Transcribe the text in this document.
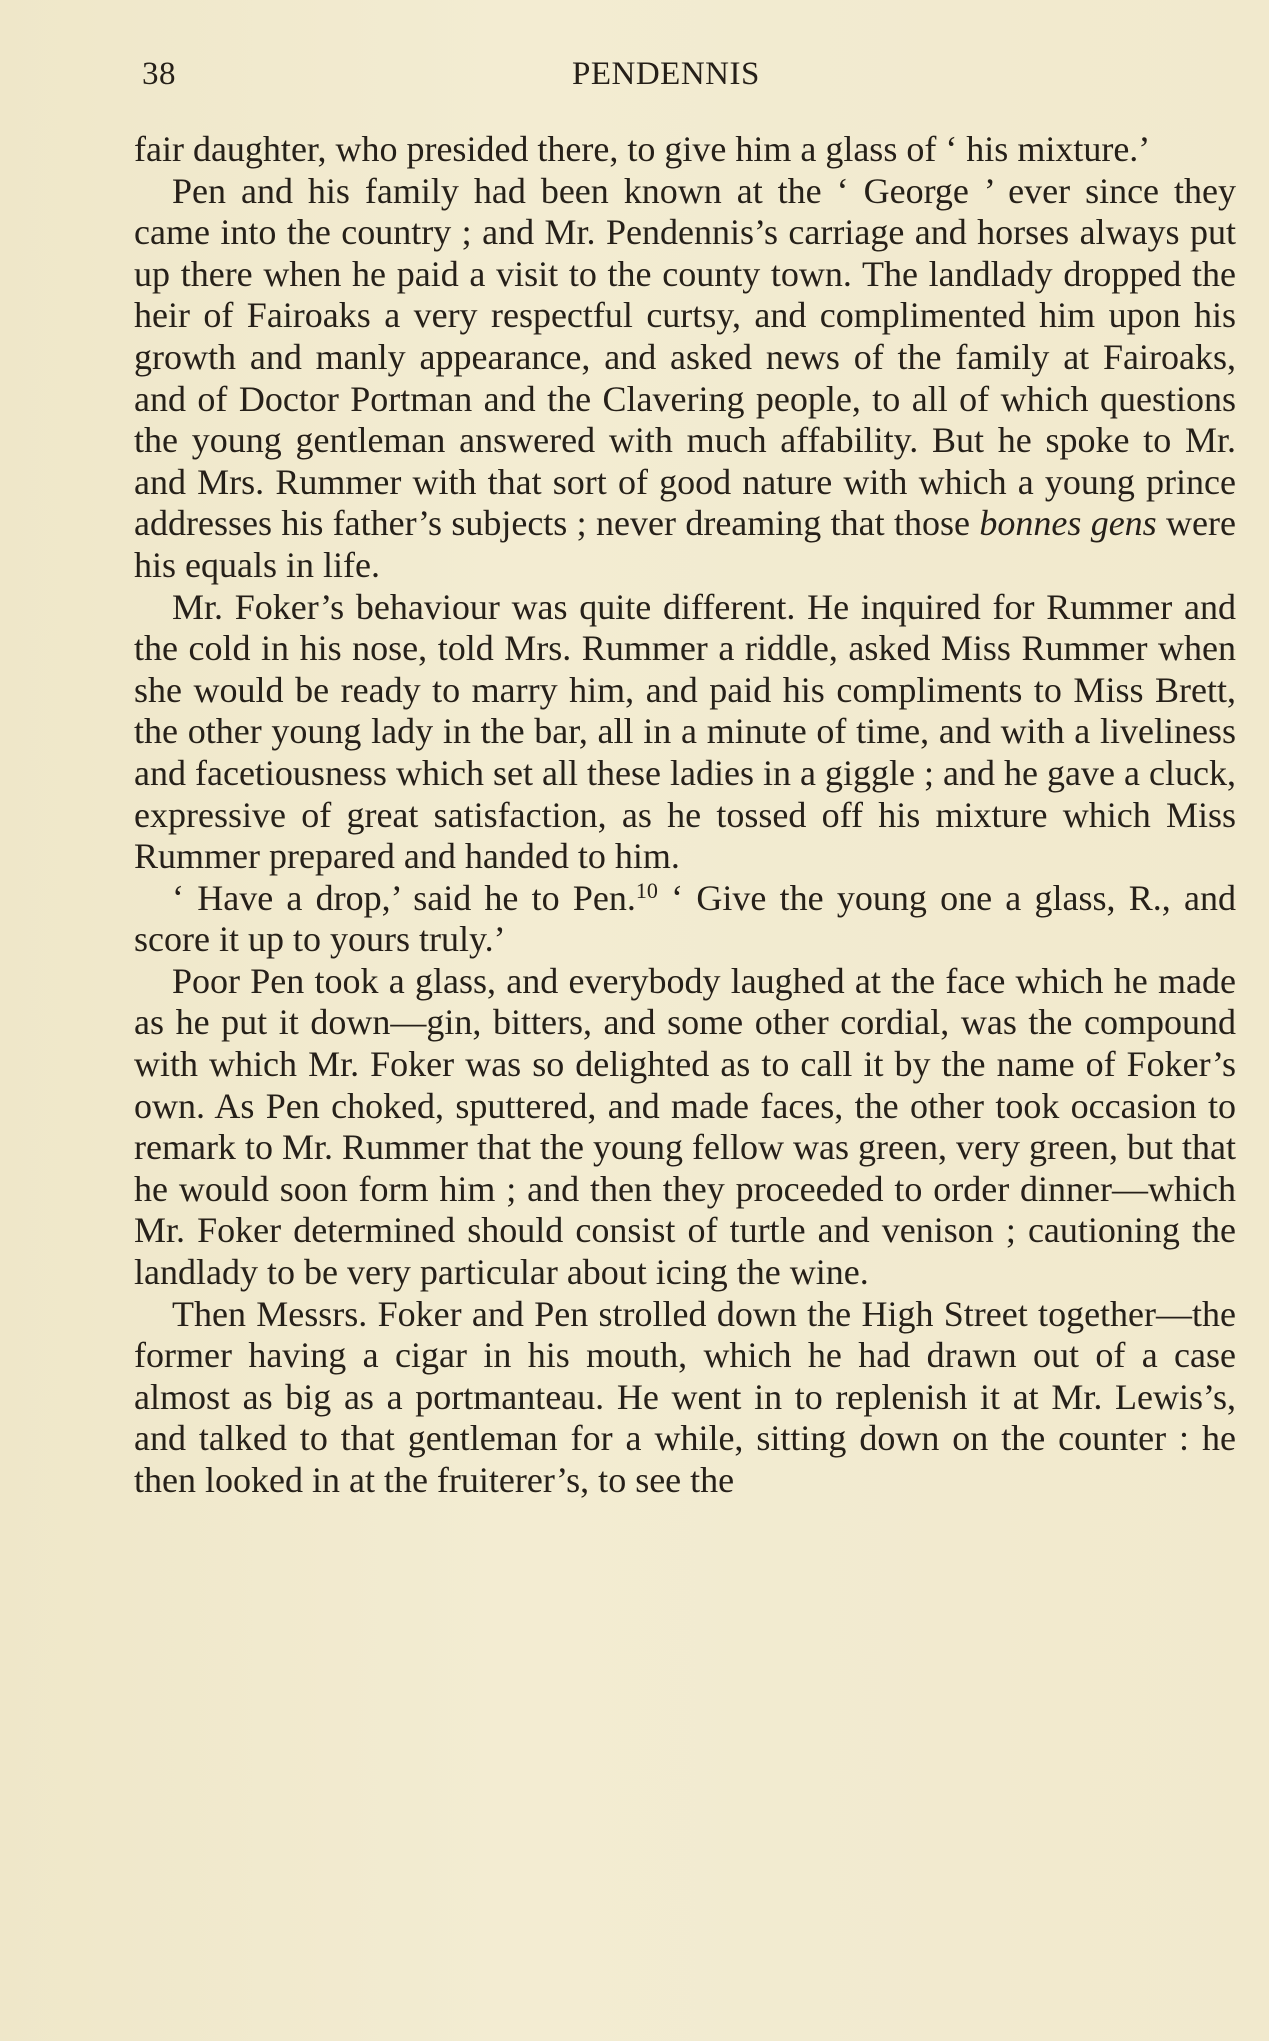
38	PENDENNIS

fair daughter, who presided there, to give him a glass of ‘ his mixture.’

Pen and his family had been known at the ‘ George ’ ever since they came into the country ; and Mr. Pendennis’s carriage and horses always put up there when he paid a visit to the county town. The landlady dropped the heir of Fairoaks a very respectful curtsy, and complimented him upon his growth and manly appearance, and asked news of the family at Fairoaks, and of Doctor Portman and the Clavering people, to all of which questions the young gentleman answered with much affability. But he spoke to Mr. and Mrs. Rummer with that sort of good nature with which a young prince addresses his father’s subjects ; never dreaming that those bonnes gens were his equals in life.

Mr. Foker’s behaviour was quite different. He inquired for Rummer and the cold in his nose, told Mrs. Rummer a riddle, asked Miss Rummer when she would be ready to marry him, and paid his compliments to Miss Brett, the other young lady in the bar, all in a minute of time, and with a liveliness and facetiousness which set all these ladies in a giggle ; and he gave a cluck, expressive of great satisfaction, as he tossed off his mixture which Miss Rummer prepared and handed to him.

‘ Have a drop,’ said he to Pen.$^{10}$ ‘ Give the young one a glass, R., and score it up to yours truly.’

Poor Pen took a glass, and everybody laughed at the face which he made as he put it down—gin, bitters, and some other cordial, was the compound with which Mr. Foker was so delighted as to call it by the name of Foker’s own. As Pen choked, sputtered, and made faces, the other took occasion to remark to Mr. Rummer that the young fellow was green, very green, but that he would soon form him ; and then they proceeded to order dinner—which Mr. Foker determined should consist of turtle and venison ; cautioning the landlady to be very particular about icing the wine.

Then Messrs. Foker and Pen strolled down the High Street together—the former having a cigar in his mouth, which he had drawn out of a case almost as big as a portmanteau. He went in to replenish it at Mr. Lewis’s, and talked to that gentleman for a while, sitting down on the counter : he then looked in at the fruiterer’s, to see the
